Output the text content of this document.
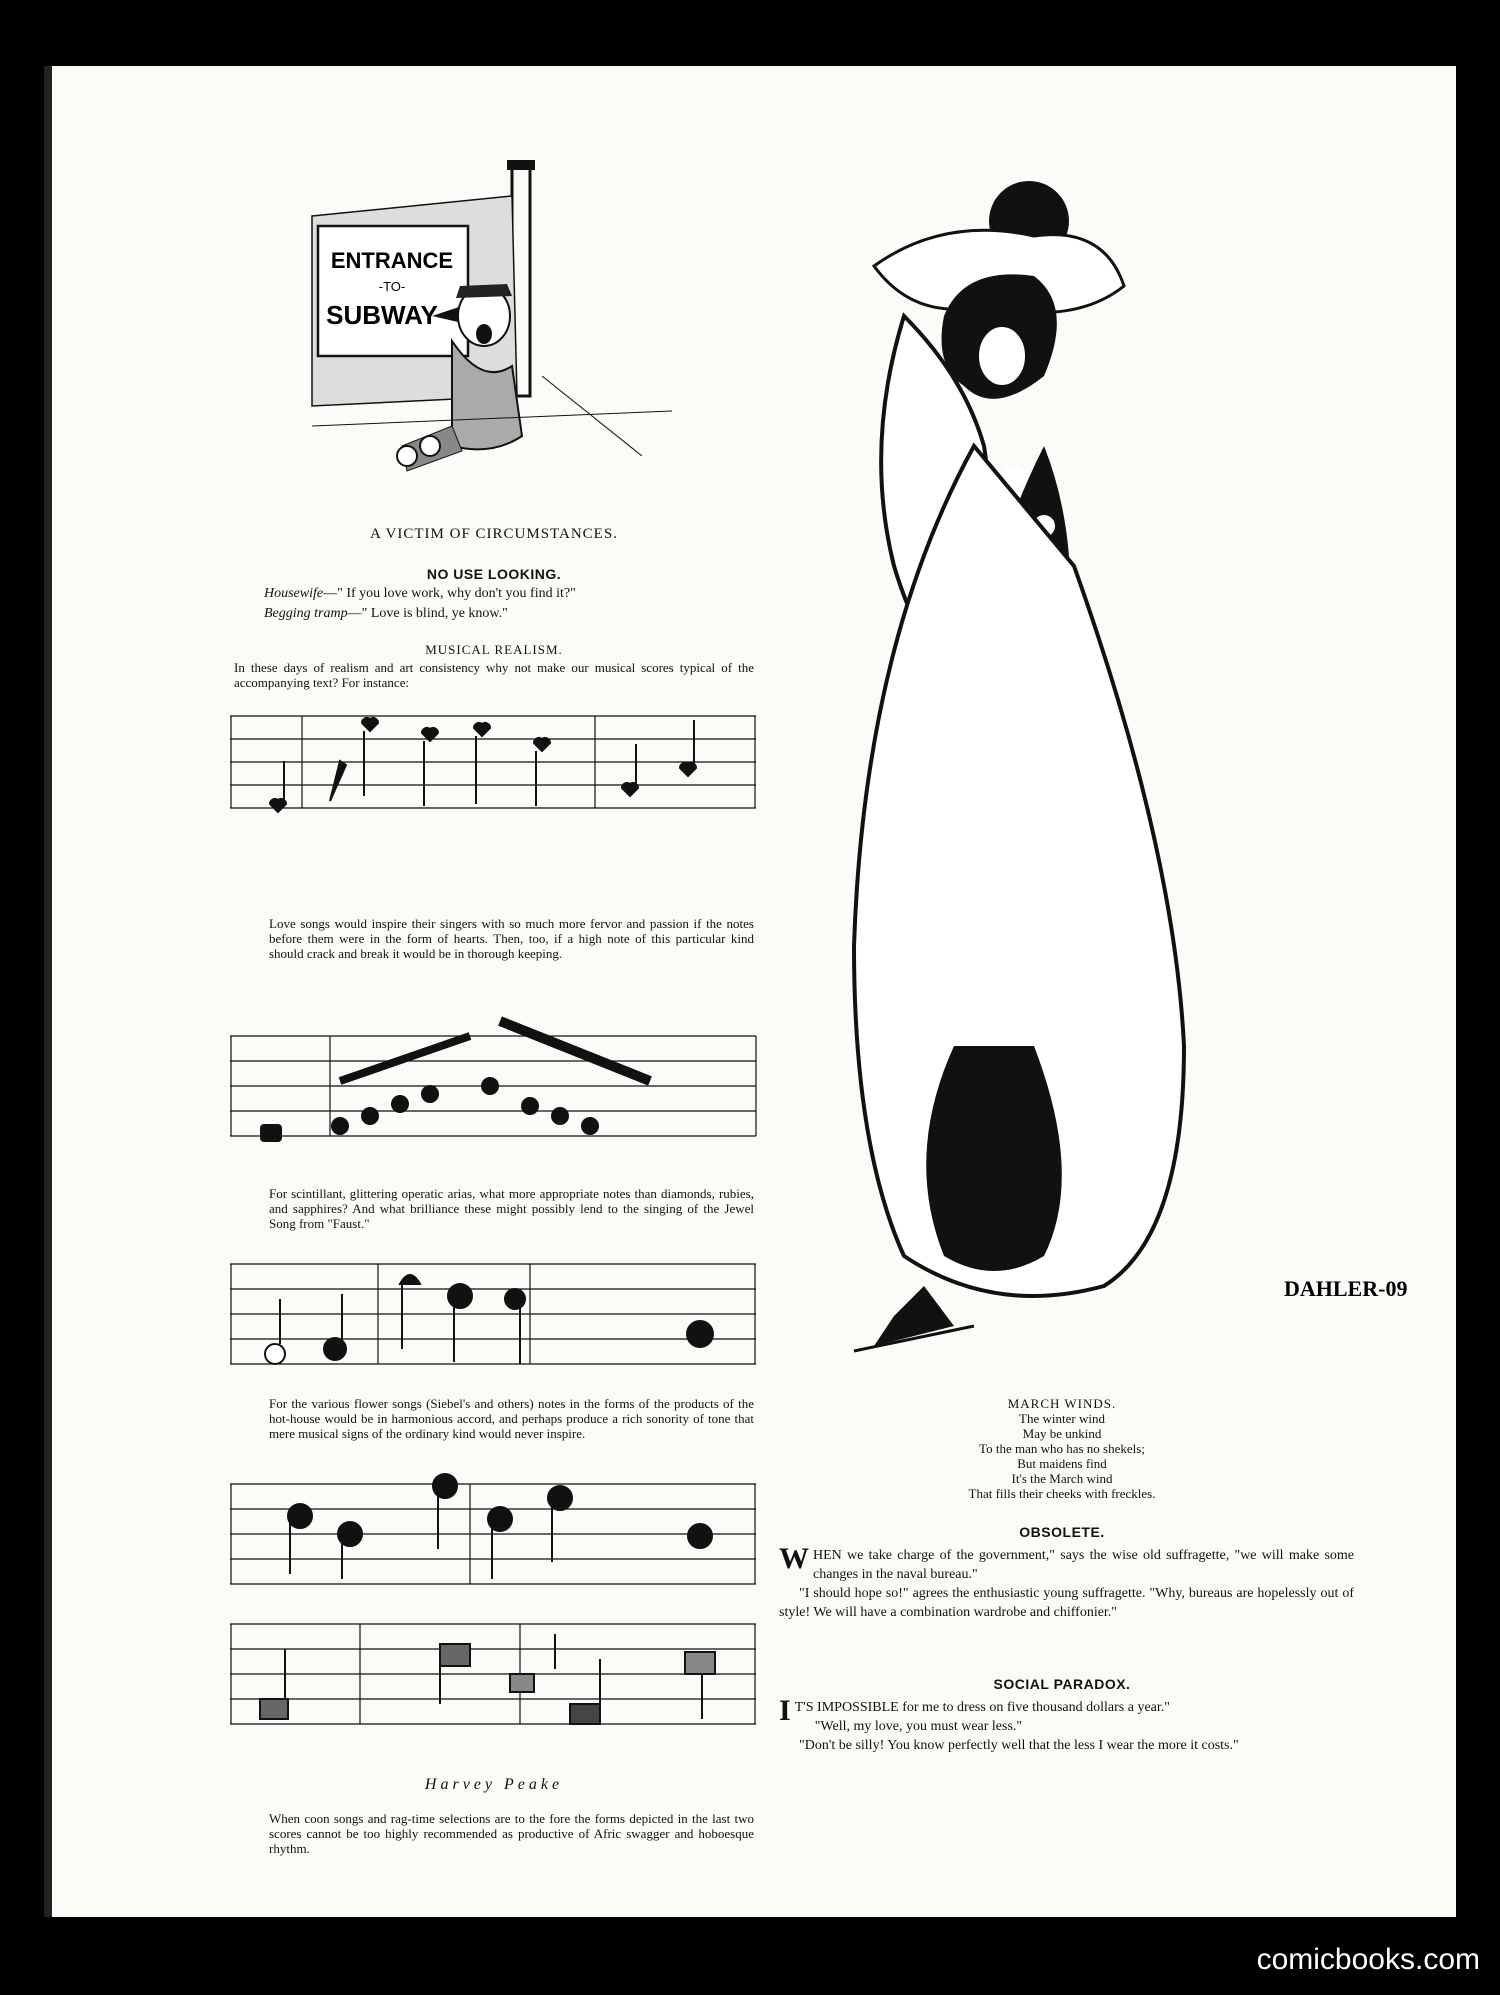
ENTRANCE
-TO-
SUBWAY
A VICTIM OF CIRCUMSTANCES.
NO USE LOOKING.
Housewife—" If you love work, why don't you find it?"
Begging tramp—" Love is blind, ye know."
MUSICAL REALISM.
In these days of realism and art consistency why not make our musical scores typical of the accompanying text? For instance:
Love songs would inspire their singers with so much more fervor and passion if the notes before them were in the form of hearts. Then, too, if a high note of this particular kind should crack and break it would be in thorough keeping.
For scintillant, glittering operatic arias, what more appropriate notes than diamonds, rubies, and sapphires? And what brilliance these might possibly lend to the singing of the Jewel Song from "Faust."
For the various flower songs (Siebel's and others) notes in the forms of the products of the hot-house would be in harmonious accord, and perhaps produce a rich sonority of tone that mere musical signs of the ordinary kind would never inspire.
Harvey Peake
When coon songs and rag-time selections are to the fore the forms depicted in the last two scores cannot be too highly recommended as productive of Afric swagger and hoboesque rhythm.
DAHLER-09
MARCH WINDS.
The winter wind
May be unkind
To the man who has no shekels;
But maidens find
It's the March wind
That fills their cheeks with freckles.
OBSOLETE.
W HEN we take charge of the government," says the wise old suffragette, "we will make some changes in the naval bureau."
"I should hope so!" agrees the enthusiastic young suffragette. "Why, bureaus are hopelessly out of style! We will have a combination wardrobe and chiffonier."
SOCIAL PARADOX.
I T'S IMPOSSIBLE for me to dress on five thousand dollars a year."
"Well, my love, you must wear less."
"Don't be silly! You know perfectly well that the less I wear the more it costs."
comicbooks.com
